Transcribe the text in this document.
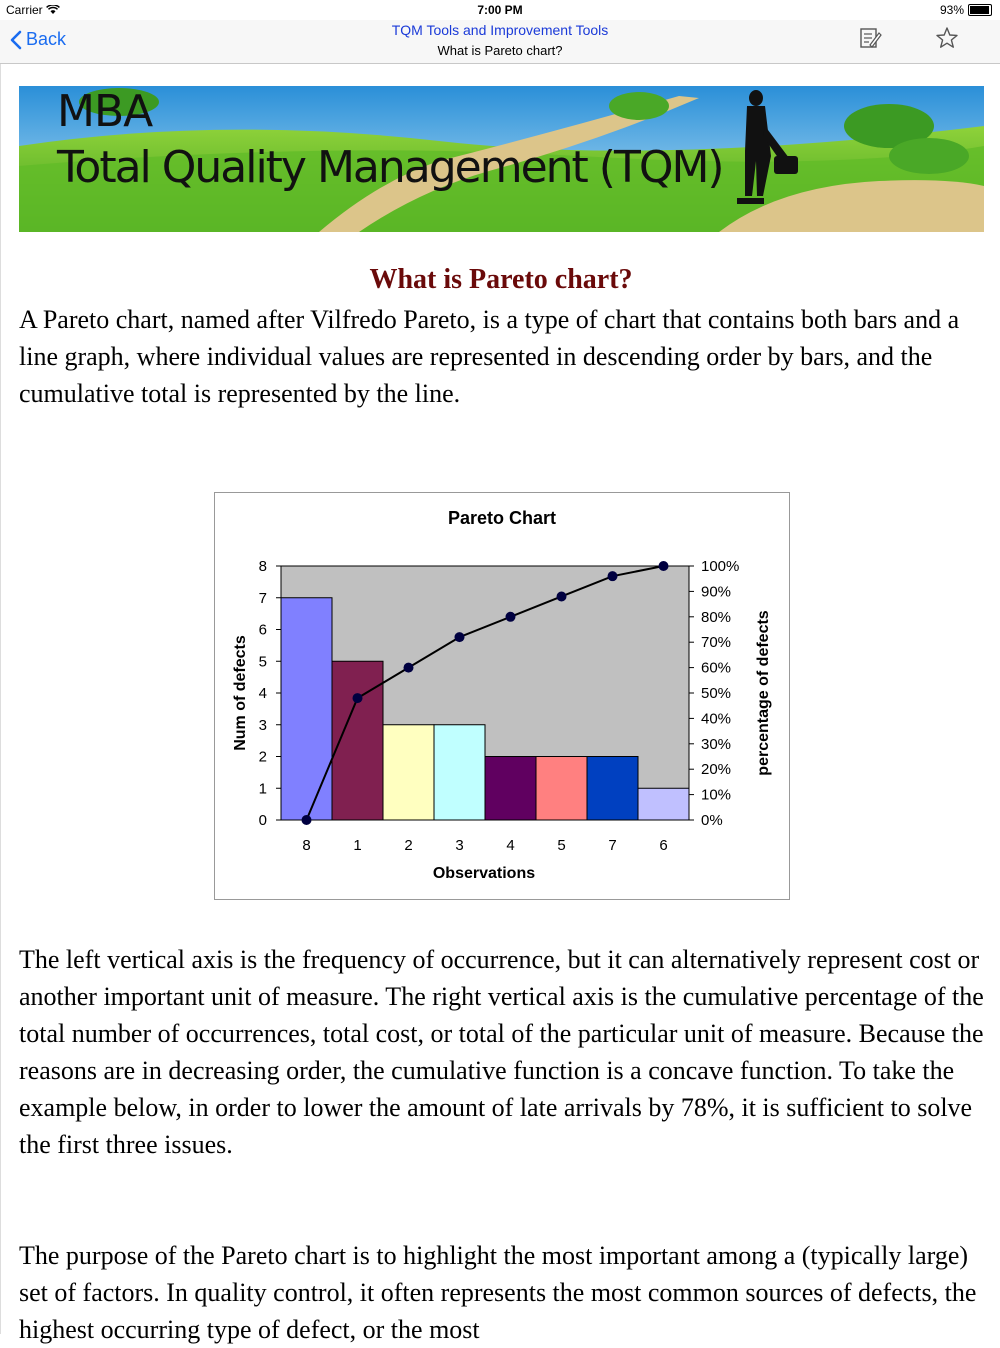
Carrier	7:00 PM	93%
Back	TQM Tools and Improvement Tools
What is Pareto chart?
MBA
Total Quality Management (TQM)
What is Pareto chart?

A Pareto chart, named after Vilfredo Pareto, is a type of chart that contains both bars and a line graph, where individual values are represented in descending order by bars, and the cumulative total is represented by the line.

Pareto Chart
Observations
Num of defects	percentage of defects
0
1
2
3
4
5
6
7
8
0%
10%
20%
30%
40%
50%
60%
70%
80%
90%
100%
8	1	2	3	4	5	7	6

The left vertical axis is the frequency of occurrence, but it can alternatively represent cost or another important unit of measure. The right vertical axis is the cumulative percentage of the total number of occurrences, total cost, or total of the particular unit of measure. Because the reasons are in decreasing order, the cumulative function is a concave function. To take the example below, in order to lower the amount of late arrivals by 78%, it is sufficient to solve the first three issues.

The purpose of the Pareto chart is to highlight the most important among a (typically large) set of factors. In quality control, it often represents the most common sources of defects, the highest occurring type of defect, or the most
